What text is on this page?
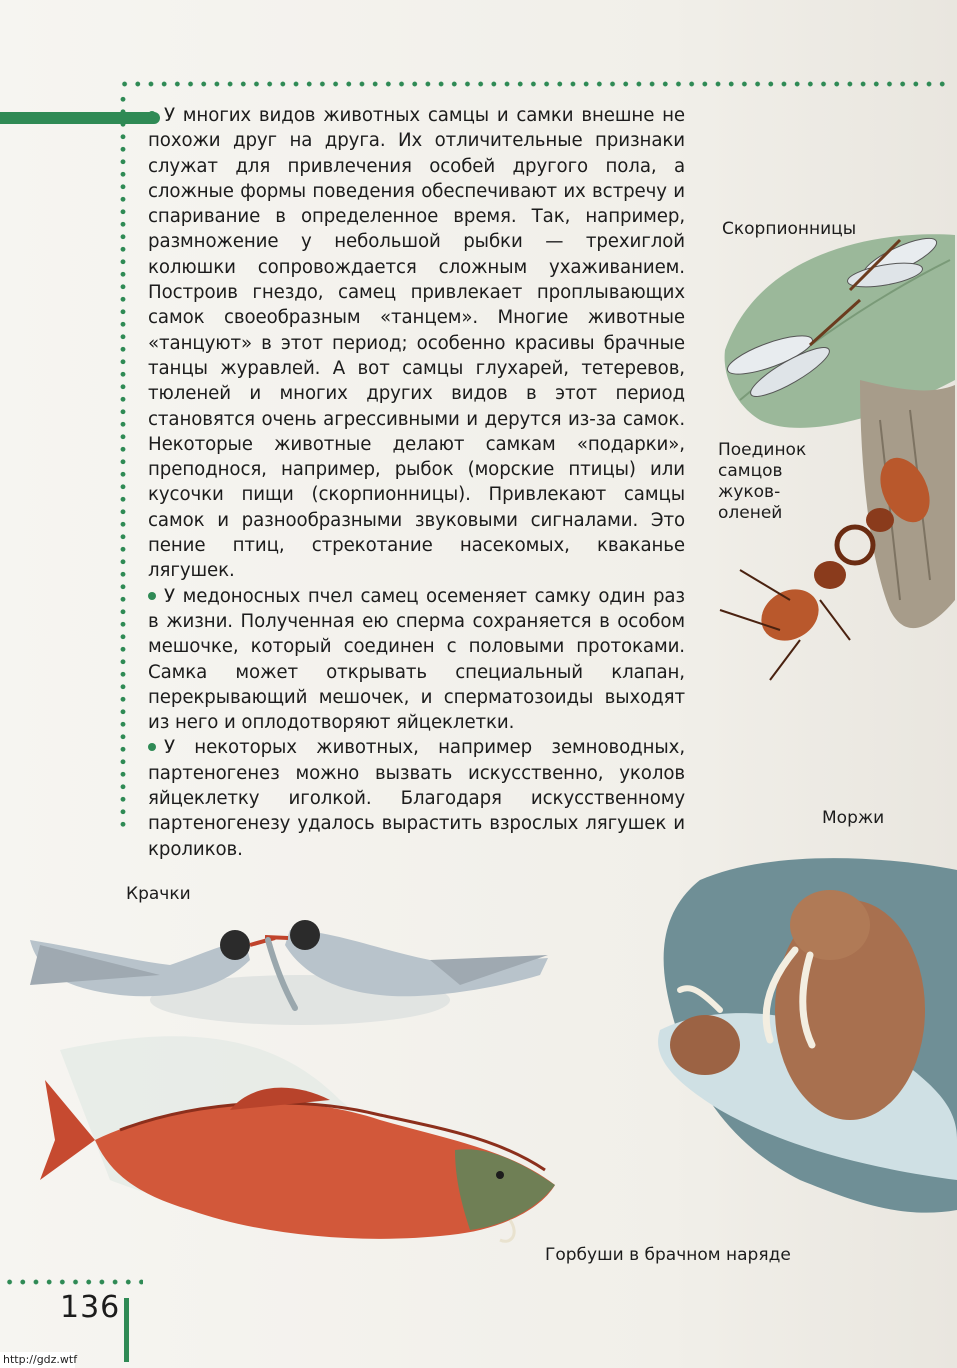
У многих видов животных самцы и самки внешне не похожи друг на друга. Их отличительные признаки служат для привлечения особей другого пола, а сложные формы поведения обеспечивают их встречу и спаривание в определенное время. Так, например, размножение у небольшой рыбки — трехиглой колюшки сопровождается сложным ухаживанием. Построив гнездо, самец привлекает проплывающих самок своеобразным «танцем». Многие животные «танцуют» в этот период; особенно красивы брачные танцы журавлей. А вот самцы глухарей, тетеревов, тюленей и многих других видов в этот период становятся очень агрессивными и дерутся из-за самок. Некоторые животные делают самкам «подарки», преподнося, например, рыбок (морские птицы) или кусочки пищи (скорпионницы). Привлекают самцы самок и разнообразными звуковыми сигналами. Это пение птиц, стрекотание насекомых, кваканье лягушек.

У медоносных пчел самец осеменяет самку один раз в жизни. Полученная ею сперма сохраняется в особом мешочке, который соединен с половыми протоками. Самка может открывать специальный клапан, перекрывающий мешочек, и сперматозоиды выходят из него и оплодотворяют яйцеклетки.

У некоторых животных, например земноводных, партеногенез можно вызвать искусственно, уколов яйцеклетку иголкой. Благодаря искусственному партеногенезу удалось вырастить взрослых лягушек и кроликов.

Скорпионницы
Поединок
самцов
жуков-
оленей
Моржи
Крачки
Горбуши в брачном наряде
136
http://gdz.wtf
